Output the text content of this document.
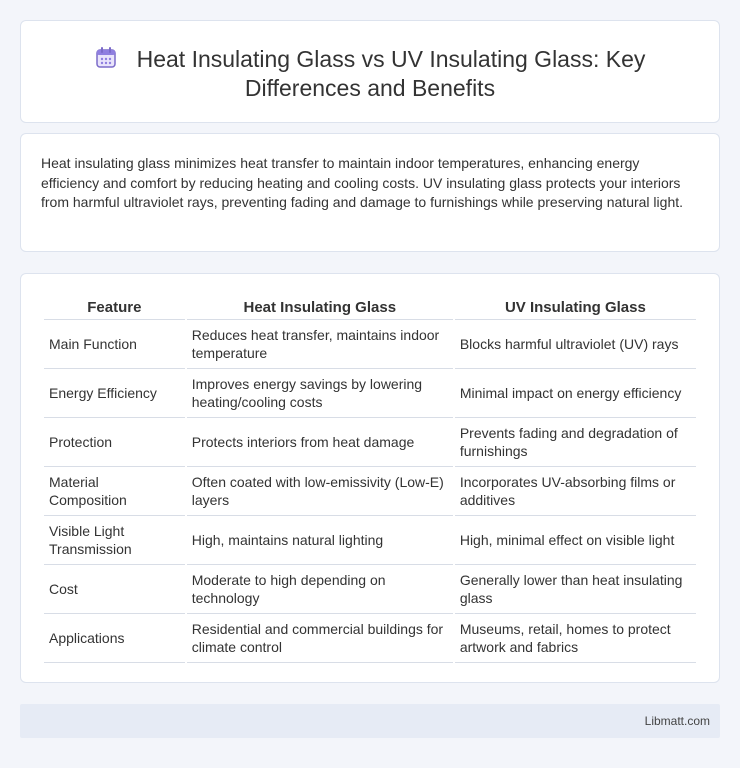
Heat Insulating Glass vs UV Insulating Glass: Key
Differences and Benefits

Heat insulating glass minimizes heat transfer to maintain indoor temperatures, enhancing energy efficiency and comfort by reducing heating and cooling costs. UV insulating glass protects your interiors from harmful ultraviolet rays, preventing fading and damage to furnishings while preserving natural light.

Feature	Heat Insulating Glass	UV Insulating Glass
Main Function	Reduces heat transfer, maintains indoor temperature	Blocks harmful ultraviolet (UV) rays
Energy Efficiency	Improves energy savings by lowering heating/cooling costs	Minimal impact on energy efficiency
Protection	Protects interiors from heat damage	Prevents fading and degradation of furnishings
Material Composition	Often coated with low-emissivity (Low-E) layers	Incorporates UV-absorbing films or additives
Visible Light Transmission	High, maintains natural lighting	High, minimal effect on visible light
Cost	Moderate to high depending on technology	Generally lower than heat insulating glass
Applications	Residential and commercial buildings for climate control	Museums, retail, homes to protect artwork and fabrics
Libmatt.com
